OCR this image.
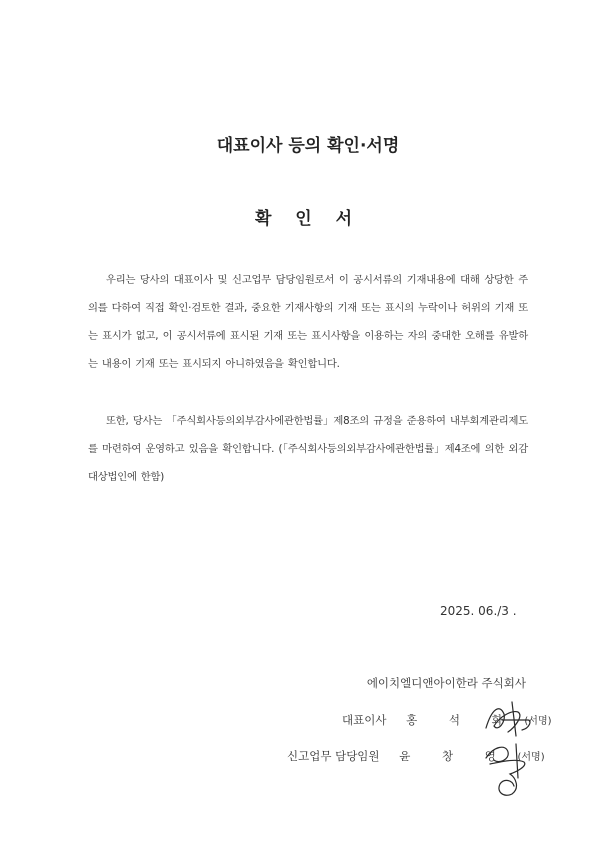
대표이사 등의 확인·서명
확 인 서

우리는 당사의 대표이사 및 신고업무 담당임원로서 이 공시서류의 기재내용에 대해 상당한 주의를 다하여 직접 확인·검토한 결과, 중요한 기재사항의 기재 또는 표시의 누락이나 허위의 기재 또는 표시가 없고, 이 공시서류에 표시된 기재 또는 표시사항을 이용하는 자의 중대한 오해를 유발하는 내용이 기재 또는 표시되지 아니하였음을 확인합니다.

또한, 당사는 「주식회사등의외부감사에관한법률」제8조의 규정을 준용하여 내부회계관리제도를 마련하여 운영하고 있음을 확인합니다. (「주식회사등의외부감사에관한법률」제4조에 의한 외감대상법인에 한함)

2025. 06./3 .
에이치엘디앤아이한라 주식회사
대표이사 홍 석 화 (서명)
신고업무 담당임원 윤 창 영 (서명)
